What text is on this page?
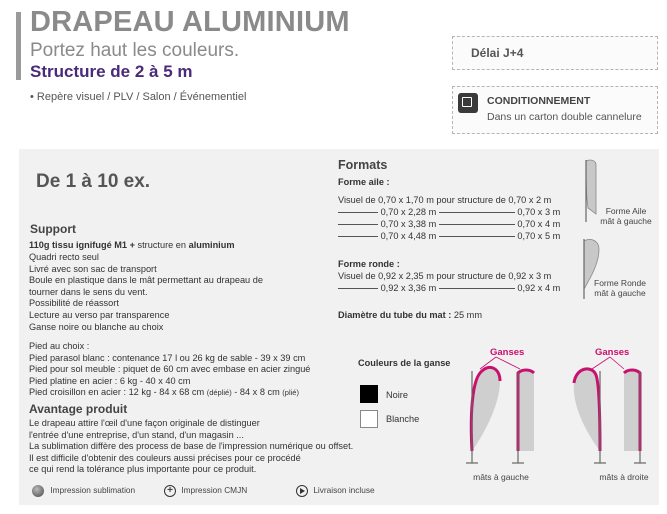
DRAPEAU ALUMINIUM
Portez haut les couleurs.
Structure de 2 à 5 m
• Repère visuel / PLV / Salon / Événementiel
Délai J+4
CONDITIONNEMENT
Dans un carton double cannelure
De 1 à 10 ex.
Support
110g tissu ignifugé M1 + structure en aluminium
Quadri recto seul
Livré avec son sac de transport
Boule en plastique dans le mât permettant au drapeau de
tourner dans le sens du vent.
Possibilité de réassort
Lecture au verso par transparence
Ganse noire ou blanche au choix
Pied au choix :
Pied parasol blanc : contenance 17 l ou 26 kg de sable - 39 x 39 cm
Pied pour sol meuble : piquet de 60 cm avec embase en acier zingué
Pied platine en acier : 6 kg - 40 x 40 cm
Pied croisillon en acier : 12 kg - 84 x 68 cm (déplié) - 84 x 8 cm (plié)
Avantage produit
Le drapeau attire l'œil d'une façon originale de distinguer
l'entrée d'une entreprise, d'un stand, d'un magasin ...
La sublimation diffère des process de base de l'impression numérique ou offset.
Il est difficile d'obtenir des couleurs aussi précises pour ce procédé
ce qui rend la tolérance plus importante pour ce produit.
Formats
Forme aile :
Visuel de 0,70 x 1,70 m pour structure de 0,70 x 2 m
0,70 x 2,28 m	0,70 x 3 m
0,70 x 3,38 m	0,70 x 4 m
0,70 x 4,48 m	0,70 x 5 m
Forme ronde :
Visuel de 0,92 x 2,35 m pour structure de 0,92 x 3 m
0,92 x 3,36 m	0,92 x 4 m
Diamètre du tube du mat : 25 mm
Forme Aile
mât à gauche
Forme Ronde
mât à gauche
Couleurs de la ganse
Noire
Blanche
Ganses	Ganses
mâts à gauche	mâts à droite
Impression sublimation	+ Impression CMJN	Livraison incluse
